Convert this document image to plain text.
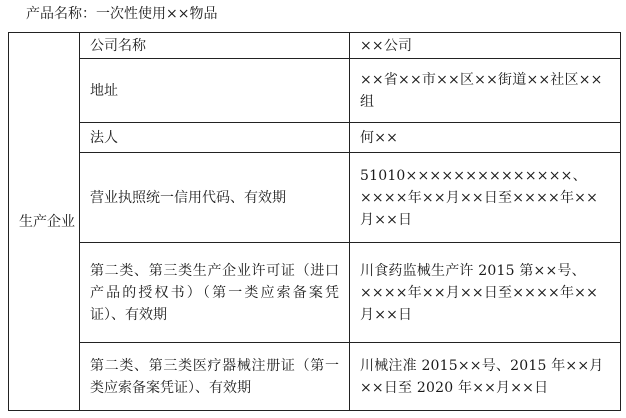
产品名称：一次性使用××物品
生产企业	公司名称	××公司
	地址	××省××市××区××街道××社区××组
	法人	何××
	营业执照统一信用代码、有效期	51010××××××××××××××、××××年××月××日至××××年××月××日
	第二类、第三类生产企业许可证（进口产品的授权书）（第一类应索备案凭证）、有效期	川食药监械生产许 2015 第××号、××××年××月××日至××××年××月××日
	第二类、第三类医疗器械注册证（第一类应索备案凭证）、有效期	川械注准 2015××号、2015 年××月××日至 2020 年××月××日
